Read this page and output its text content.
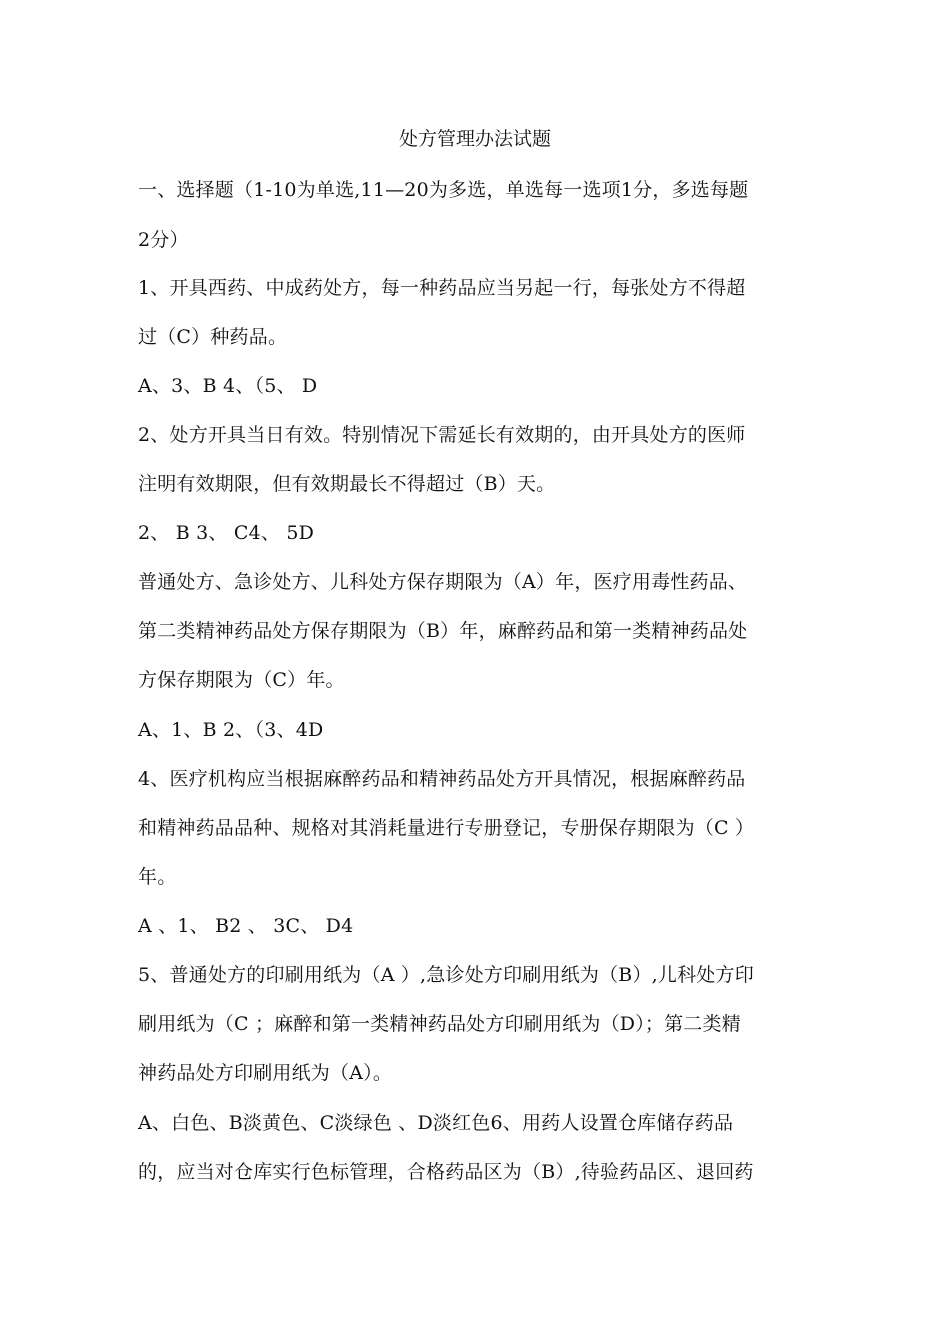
处方管理办法试题
一、选择题（1-10为单选,11—20为多选，单选每一选项1分，多选每题
2分）
1、开具西药、中成药处方，每一种药品应当另起一行，每张处方不得超
过（C）种药品。
A、3、B 4、（5、 D
2、处方开具当日有效。特别情况下需延长有效期的，由开具处方的医师
注明有效期限，但有效期最长不得超过（B）天。
2、 B 3、 C4、 5D
普通处方、急诊处方、儿科处方保存期限为（A）年，医疗用毒性药品、
第二类精神药品处方保存期限为（B）年，麻醉药品和第一类精神药品处
方保存期限为（C）年。
A、1、B 2、（3、4D
4、医疗机构应当根据麻醉药品和精神药品处方开具情况，根据麻醉药品
和精神药品品种、规格对其消耗量进行专册登记，专册保存期限为（C ）
年。
A 、1、 B2 、 3C、 D4
5、普通处方的印刷用纸为（A ）,急诊处方印刷用纸为（B）,儿科处方印
刷用纸为（C ；麻醉和第一类精神药品处方印刷用纸为（D）；第二类精
神药品处方印刷用纸为（A）。
A、白色、B淡黄色、C淡绿色 、D淡红色6、用药人设置仓库储存药品
的，应当对仓库实行色标管理，合格药品区为（B）,待验药品区、退回药
